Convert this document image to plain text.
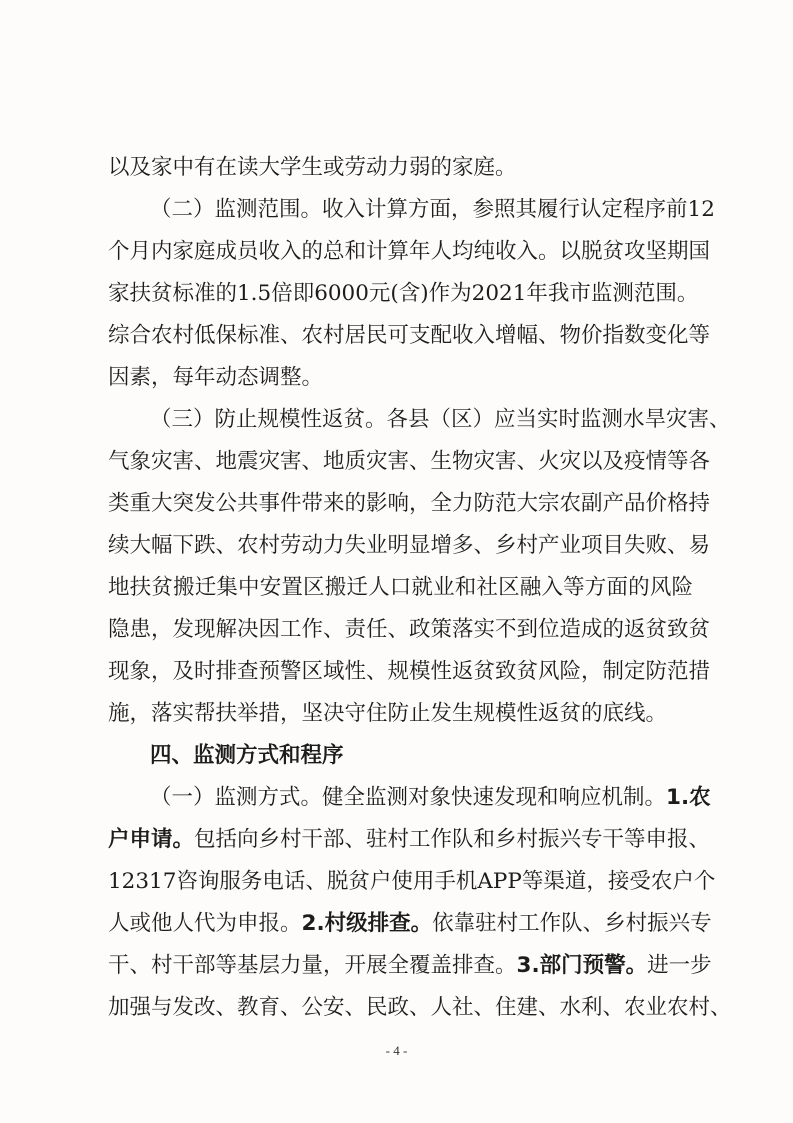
以及家中有在读大学生或劳动力弱的家庭。
（二）监测范围。收入计算方面，参照其履行认定程序前12
个月内家庭成员收入的总和计算年人均纯收入。以脱贫攻坚期国
家扶贫标准的1.5倍即6000元(含)作为2021年我市监测范围。
综合农村低保标准、农村居民可支配收入增幅、物价指数变化等
因素，每年动态调整。
（三）防止规模性返贫。各县（区）应当实时监测水旱灾害、
气象灾害、地震灾害、地质灾害、生物灾害、火灾以及疫情等各
类重大突发公共事件带来的影响，全力防范大宗农副产品价格持
续大幅下跌、农村劳动力失业明显增多、乡村产业项目失败、易
地扶贫搬迁集中安置区搬迁人口就业和社区融入等方面的风险
隐患，发现解决因工作、责任、政策落实不到位造成的返贫致贫
现象，及时排查预警区域性、规模性返贫致贫风险，制定防范措
施，落实帮扶举措，坚决守住防止发生规模性返贫的底线。
四、监测方式和程序
（一）监测方式。健全监测对象快速发现和响应机制。1.农
户申请。包括向乡村干部、驻村工作队和乡村振兴专干等申报、
12317咨询服务电话、脱贫户使用手机APP等渠道，接受农户个
人或他人代为申报。2.村级排查。依靠驻村工作队、乡村振兴专
干、村干部等基层力量，开展全覆盖排查。3.部门预警。进一步
加强与发改、教育、公安、民政、人社、住建、水利、农业农村、
- 4 -
